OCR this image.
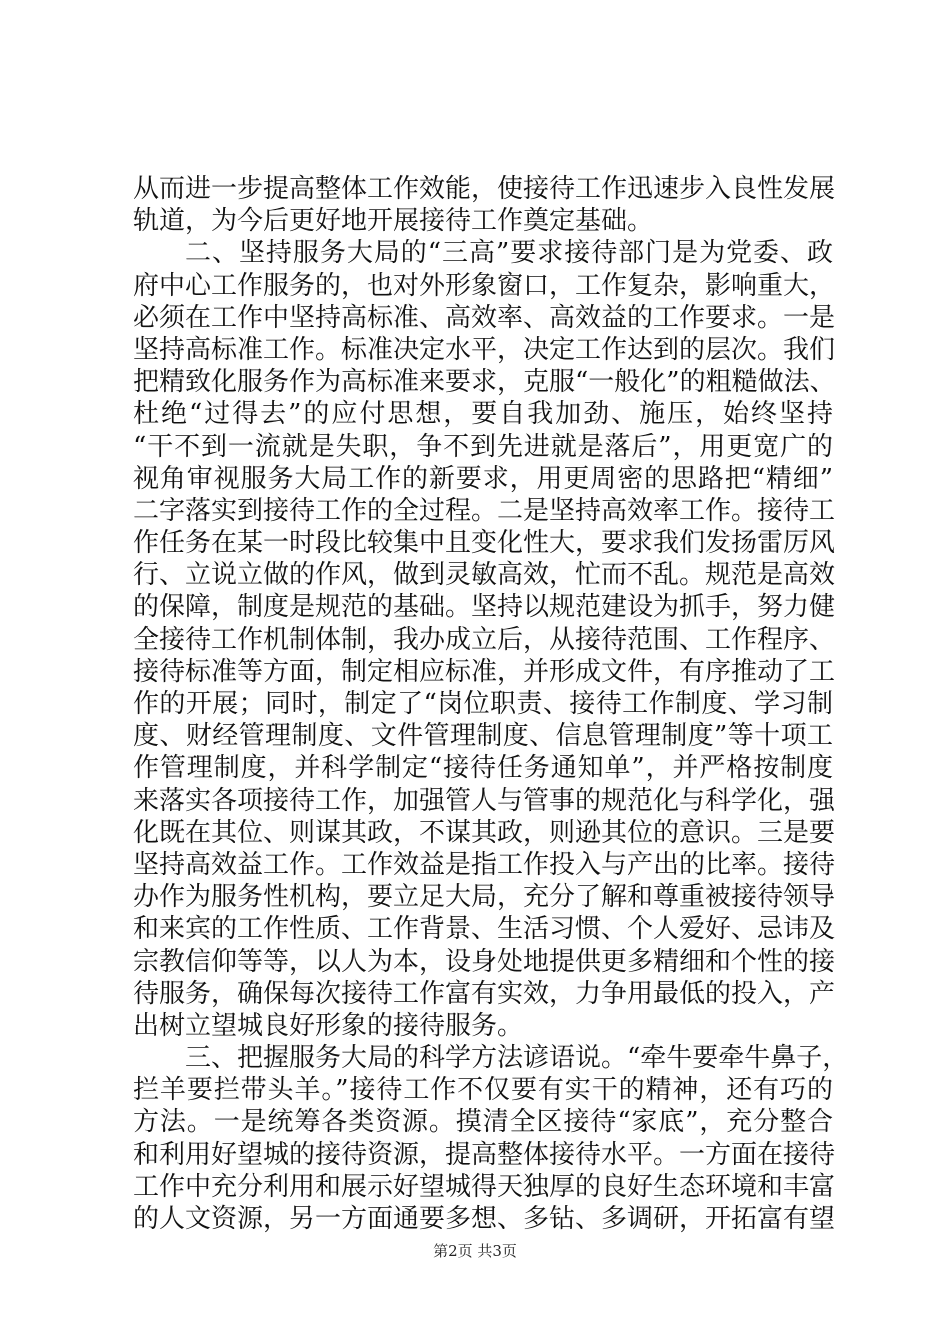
从而进一步提高整体工作效能，使接待工作迅速步入良性发展
轨道，为今后更好地开展接待工作奠定基础。
二、坚持服务大局的“三高”要求接待部门是为党委、政
府中心工作服务的，也对外形象窗口，工作复杂，影响重大，
必须在工作中坚持高标准、高效率、高效益的工作要求。一是
坚持高标准工作。标准决定水平，决定工作达到的层次。我们
把精致化服务作为高标准来要求，克服“一般化”的粗糙做法、
杜绝“过得去”的应付思想，要自我加劲、施压，始终坚持
“干不到一流就是失职，争不到先进就是落后”，用更宽广的
视角审视服务大局工作的新要求，用更周密的思路把“精细”
二字落实到接待工作的全过程。二是坚持高效率工作。接待工
作任务在某一时段比较集中且变化性大，要求我们发扬雷厉风
行、立说立做的作风，做到灵敏高效，忙而不乱。规范是高效
的保障，制度是规范的基础。坚持以规范建设为抓手，努力健
全接待工作机制体制，我办成立后，从接待范围、工作程序、
接待标准等方面，制定相应标准，并形成文件，有序推动了工
作的开展；同时，制定了“岗位职责、接待工作制度、学习制
度、财经管理制度、文件管理制度、信息管理制度”等十项工
作管理制度，并科学制定“接待任务通知单”，并严格按制度
来落实各项接待工作，加强管人与管事的规范化与科学化，强
化既在其位、则谋其政，不谋其政，则逊其位的意识。三是要
坚持高效益工作。工作效益是指工作投入与产出的比率。接待
办作为服务性机构，要立足大局，充分了解和尊重被接待领导
和来宾的工作性质、工作背景、生活习惯、个人爱好、忌讳及
宗教信仰等等，以人为本，设身处地提供更多精细和个性的接
待服务，确保每次接待工作富有实效，力争用最低的投入，产
出树立望城良好形象的接待服务。
三、把握服务大局的科学方法谚语说。“牵牛要牵牛鼻子，
拦羊要拦带头羊。”接待工作不仅要有实干的精神，还有巧的
方法。一是统筹各类资源。摸清全区接待“家底”，充分整合
和利用好望城的接待资源，提高整体接待水平。一方面在接待
工作中充分利用和展示好望城得天独厚的良好生态环境和丰富
的人文资源，另一方面通要多想、多钻、多调研，开拓富有望
第2页 共3页
